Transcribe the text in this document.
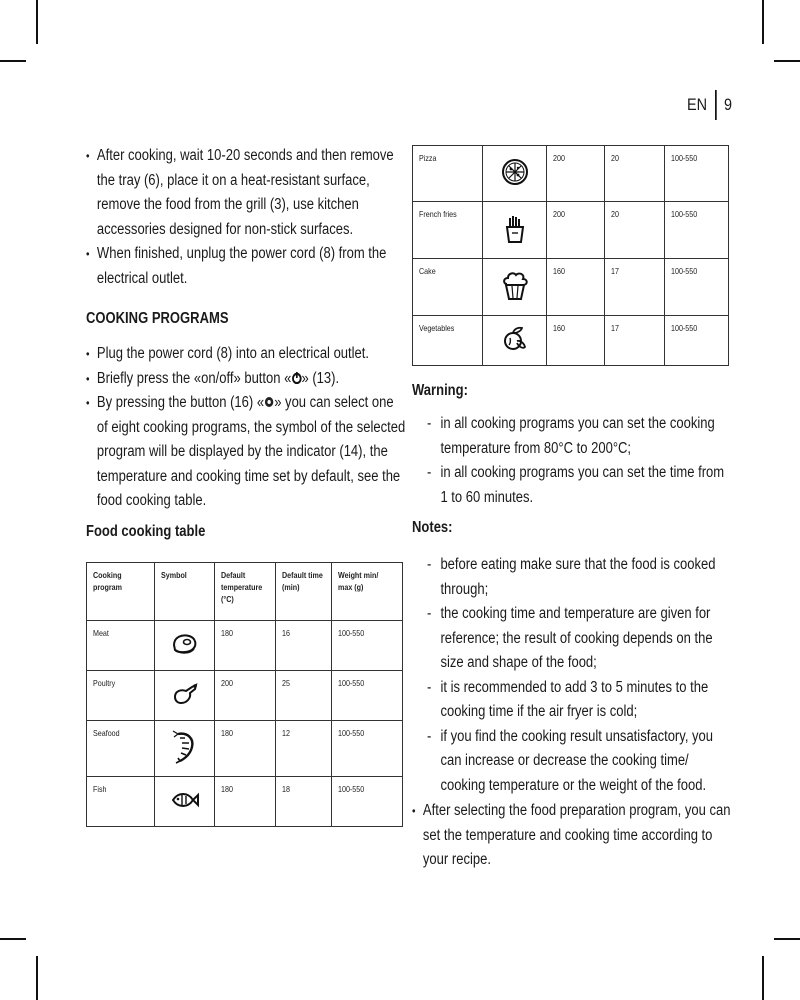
EN 9
• After cooking, wait 10-20 seconds and then remove
the tray (6), place it on a heat-resistant surface,
remove the food from the grill (3), use kitchen
accessories designed for non-stick surfaces.
• When finished, unplug the power cord (8) from the
electrical outlet.
COOKING PROGRAMS
• Plug the power cord (8) into an electrical outlet.
• Briefly press the «on/off» button « » (13).
• By pressing the button (16) « » you can select one
of eight cooking programs, the symbol of the selected
program will be displayed by the indicator (14), the
temperature and cooking time set by default, see the
food cooking table.
Food cooking table
Cooking program	Symbol	Default temperature (°C)	Default time (min)	Weight min/ max (g)
Meat		180	16	100-550
Poultry		200	25	100-550
Seafood		180	12	100-550
Fish		180	18	100-550
Pizza		200	20	100-550
French fries		200	20	100-550
Cake		160	17	100-550
Vegetables		160	17	100-550
Warning:
- in all cooking programs you can set the cooking
temperature from 80°C to 200°C;
- in all cooking programs you can set the time from
1 to 60 minutes.
Notes:
- before eating make sure that the food is cooked
through;
- the cooking time and temperature are given for
reference; the result of cooking depends on the
size and shape of the food;
- it is recommended to add 3 to 5 minutes to the
cooking time if the air fryer is cold;
- if you find the cooking result unsatisfactory, you
can increase or decrease the cooking time/
cooking temperature or the weight of the food.
• After selecting the food preparation program, you can
set the temperature and cooking time according to
your recipe.
